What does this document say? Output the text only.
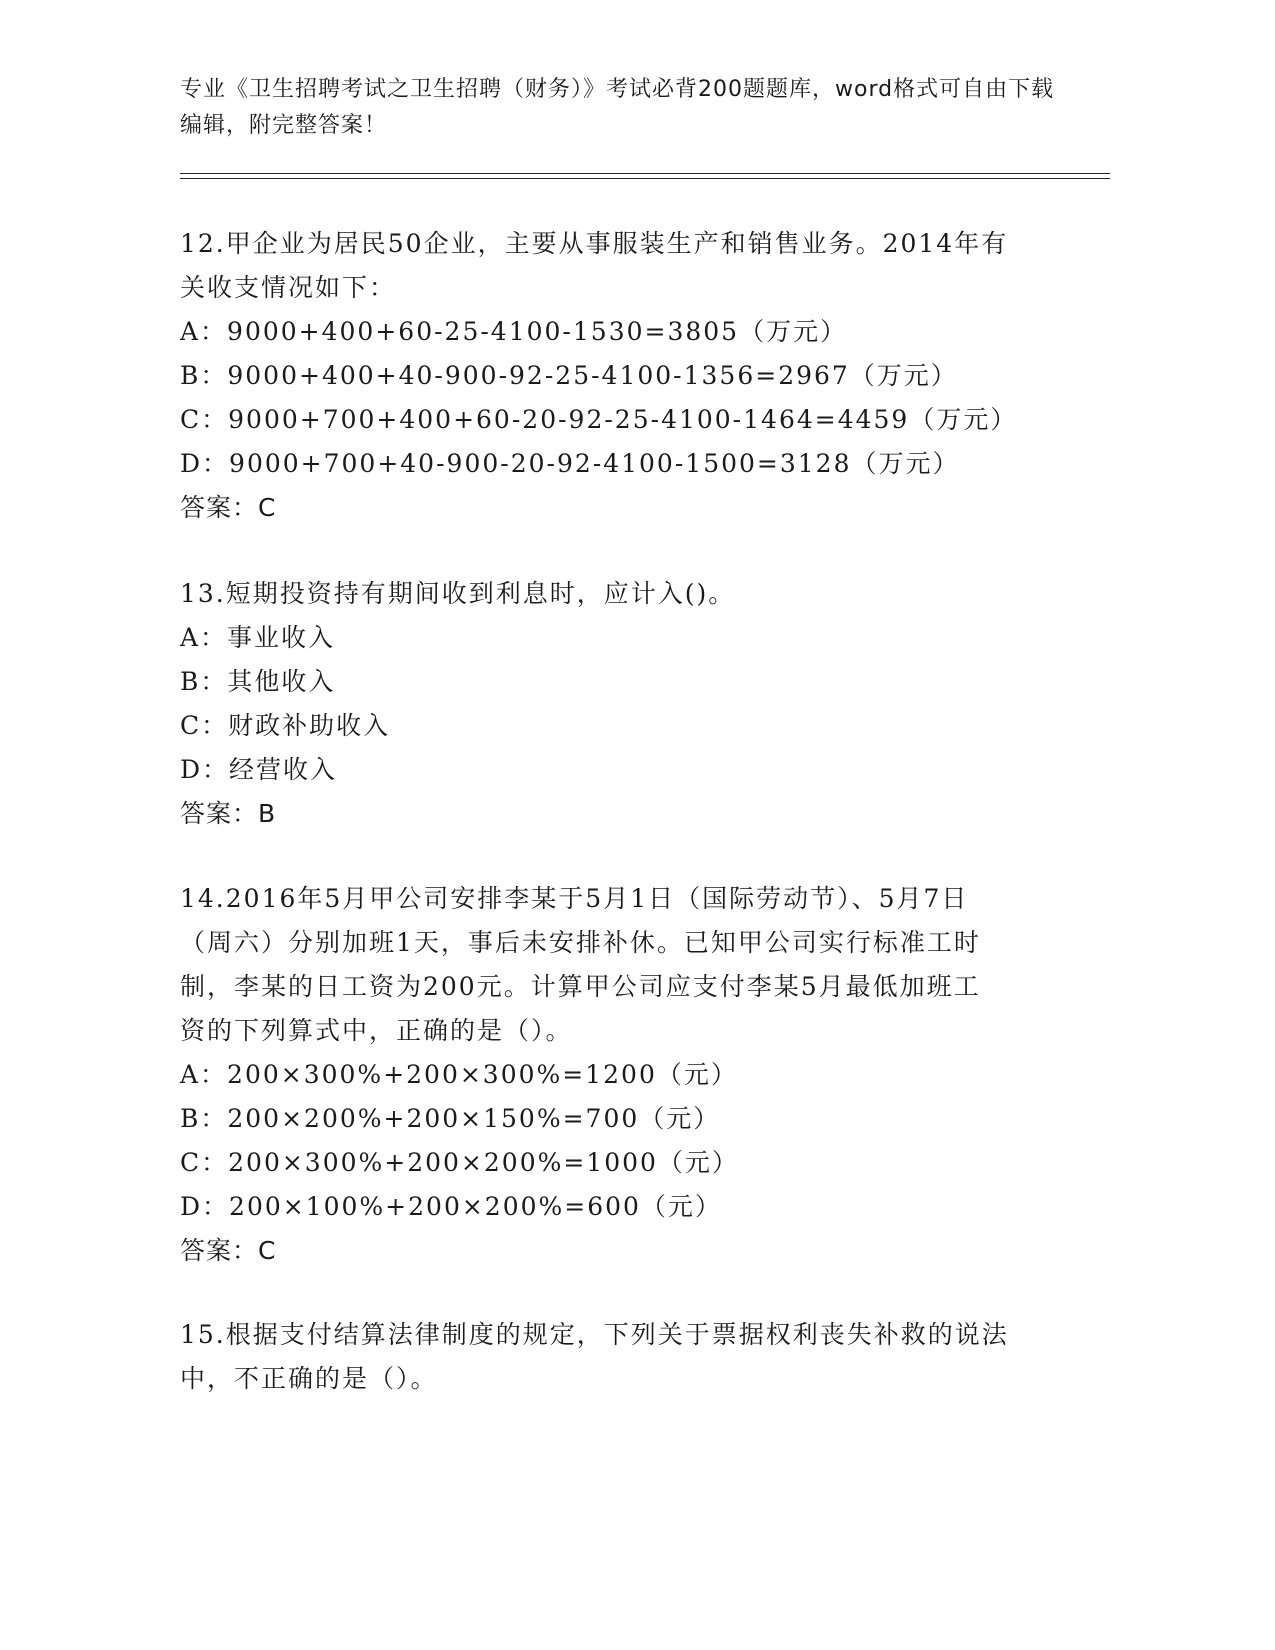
专业《卫生招聘考试之卫生招聘（财务）》考试必背200题题库，word格式可自由下载编辑，附完整答案！
12.甲企业为居民50企业，主要从事服装生产和销售业务。2014年有
关收支情况如下：
A：9000+400+60-25-4100-1530=3805（万元）
B：9000+400+40-900-92-25-4100-1356=2967（万元）
C：9000+700+400+60-20-92-25-4100-1464=4459（万元）
D：9000+700+40-900-20-92-4100-1500=3128（万元）
答案：C
13.短期投资持有期间收到利息时，应计入()。
A：事业收入
B：其他收入
C：财政补助收入
D：经营收入
答案：B
14.2016年5月甲公司安排李某于5月1日（国际劳动节）、5月7日
（周六）分别加班1天，事后未安排补休。已知甲公司实行标准工时
制，李某的日工资为200元。计算甲公司应支付李某5月最低加班工
资的下列算式中，正确的是（）。
A：200×300%+200×300%=1200（元）
B：200×200%+200×150%=700（元）
C：200×300%+200×200%=1000（元）
D：200×100%+200×200%=600（元）
答案：C
15.根据支付结算法律制度的规定，下列关于票据权利丧失补救的说法
中，不正确的是（）。
